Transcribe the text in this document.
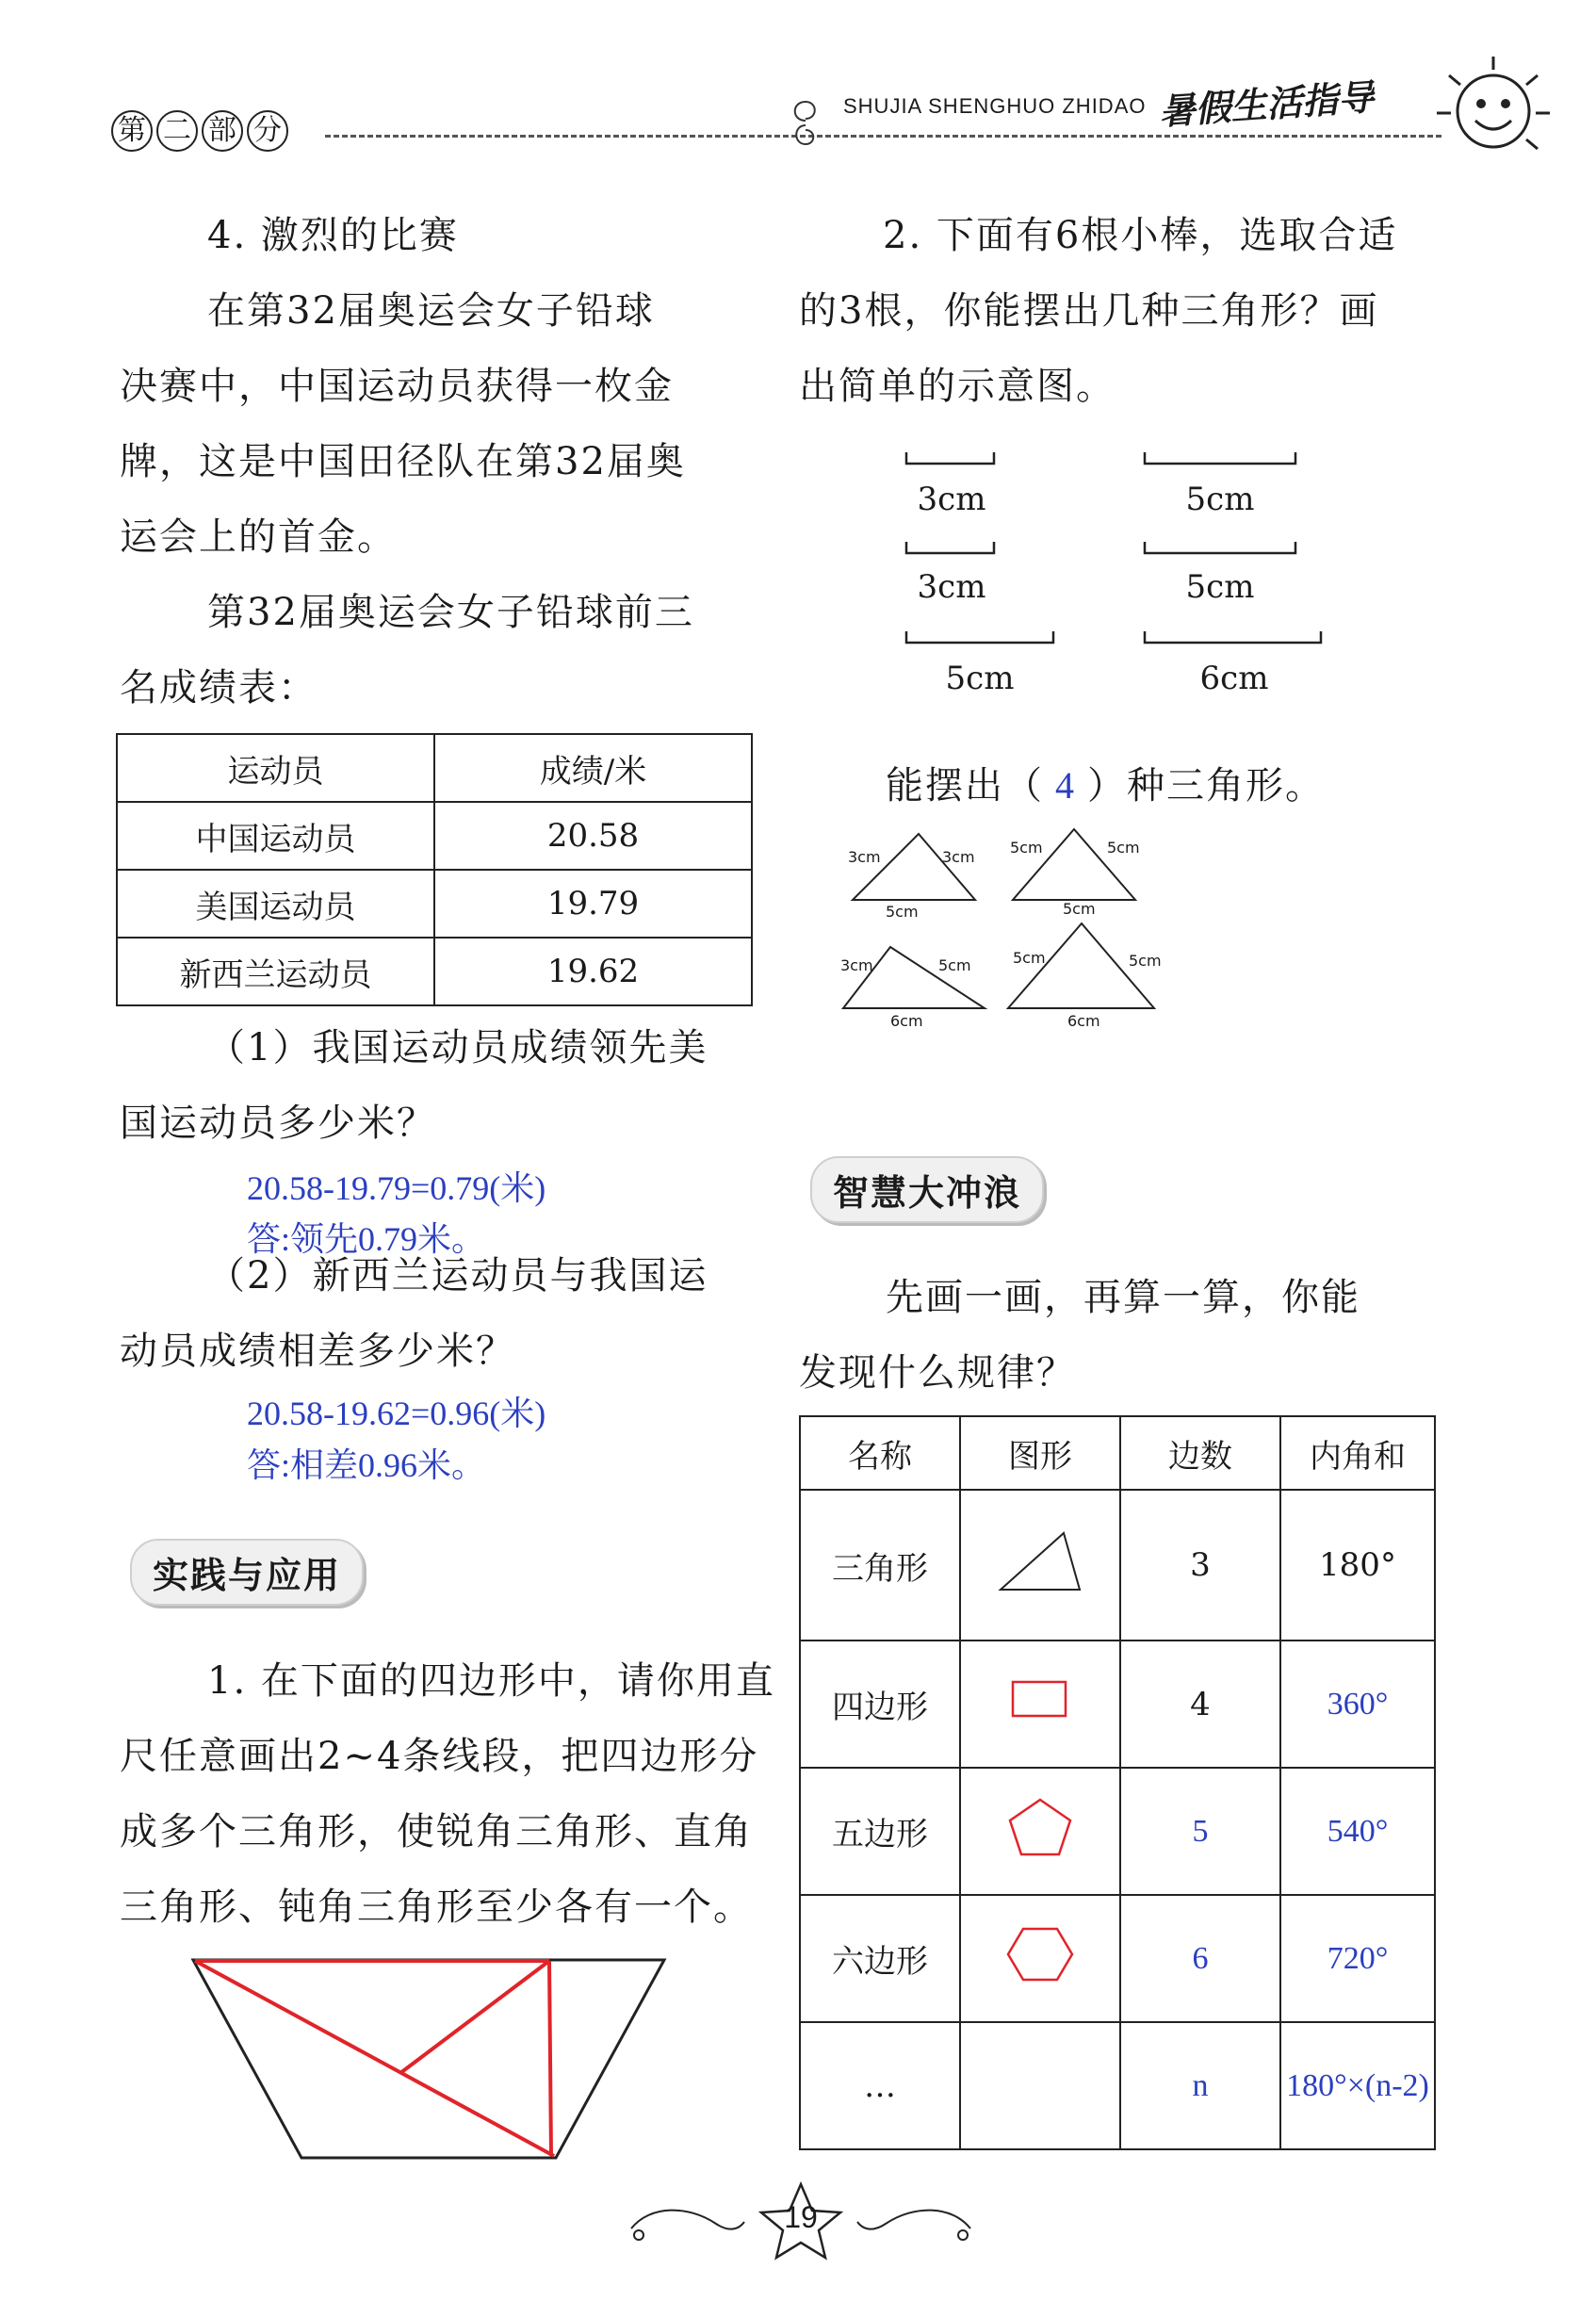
第 二 部 分
SHUJIA SHENGHUO ZHIDAO 暑假生活指导
4. 激烈的比赛
在第32届奥运会女子铅球
决赛中，中国运动员获得一枚金
牌，这是中国田径队在第32届奥
运会上的首金。
第32届奥运会女子铅球前三
名成绩表：
运动员	成绩/米
中国运动员	20.58
美国运动员	19.79
新西兰运动员	19.62
（1）我国运动员成绩领先美
国运动员多少米？
20.58-19.79=0.79(米)
答:领先0.79米。
（2）新西兰运动员与我国运
动员成绩相差多少米？
20.58-19.62=0.96(米)
答:相差0.96米。
实践与应用
1. 在下面的四边形中，请你用直
尺任意画出2~4条线段，把四边形分
成多个三角形，使锐角三角形、直角
三角形、钝角三角形至少各有一个。
2. 下面有6根小棒，选取合适
的3根，你能摆出几种三角形？画
出简单的示意图。
3cm	5cm
3cm	5cm
5cm	6cm
能摆出（ 4 ）种三角形。
3cm	3cm
5cm
5cm	5cm
5cm
3cm	5cm
6cm
5cm	5cm
6cm
智慧大冲浪
先画一画，再算一算，你能
发现什么规律？
名称	图形	边数	内角和
三角形		3	180°
四边形		4	360°
五边形		5	540°
六边形		6	720°
…		n	180°×(n-2)
19
